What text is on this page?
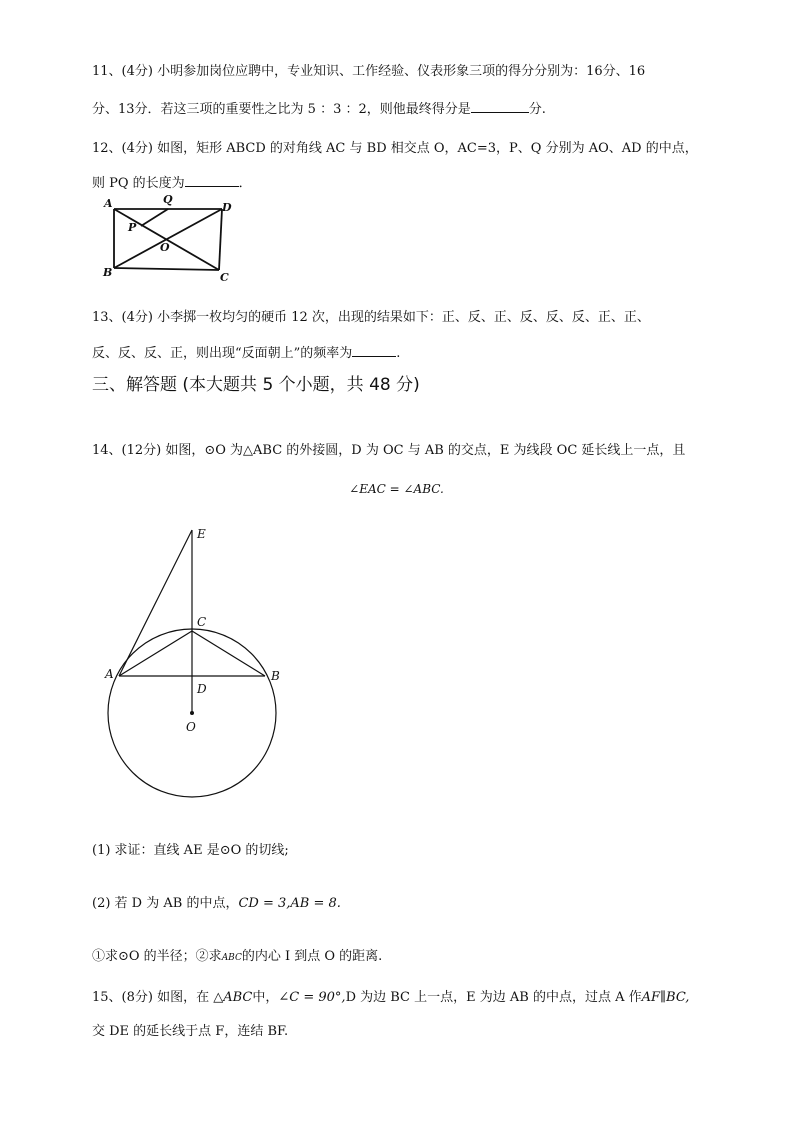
11、(4分) 小明参加岗位应聘中，专业知识、工作经验、仪表形象三项的得分分别为：16分、16
分、13分．若这三项的重要性之比为 5 ：3 ：2，则他最终得分是	分.
12、(4分) 如图，矩形 ABCD 的对角线 AC 与 BD 相交点 O，AC=3，P、Q 分别为 AO、AD 的中点，
则 PQ 的长度为	．
A	Q
D
P
O
B	C
13、(4分) 小李掷一枚均匀的硬币 12 次，出现的结果如下：正、反、正、反、反、反、正、正、
反、反、反、正，则出现“反面朝上”的频率为	.
三、解答题 (本大题共 5 个小题，共 48 分)
14、(12分) 如图，⊙O 为△ABC 的外接圆，D 为 OC 与 AB 的交点，E 为线段 OC 延长线上一点，且
∠EAC = ∠ABC.
E
C
A	B
D
O
(1) 求证：直线 AE 是⊙O 的切线;
(2) 若 D 为 AB 的中点，CD = 3,AB = 8.
①求⊙O 的半径；②求ABC的内心 I 到点 O 的距离.
15、(8分) 如图，在 △ABC中，∠C = 90°,D 为边 BC 上一点，E 为边 AB 的中点，过点 A 作AF∥BC,
交 DE 的延长线于点 F，连结 BF.
